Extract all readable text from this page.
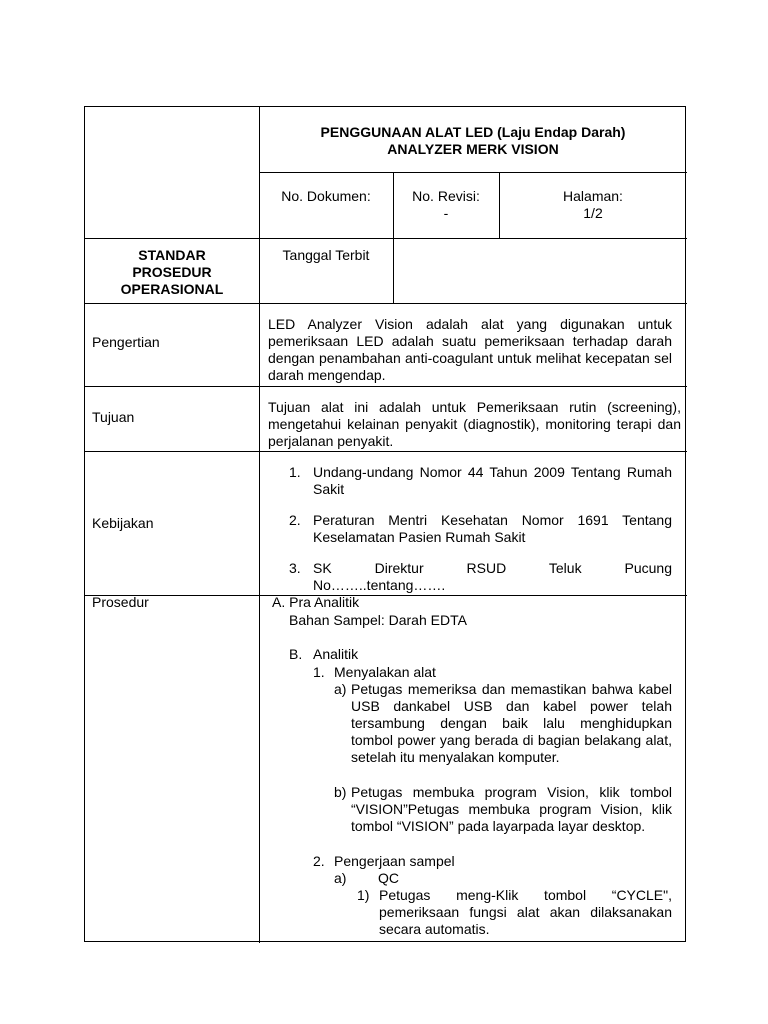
PENGGUNAAN ALAT LED (Laju Endap Darah)
ANALYZER MERK VISION
No. Dokumen:	No. Revisi:
-
Halaman:
1/2
STANDAR
PROSEDUR
OPERASIONAL
Tanggal Terbit
Pengertian
LED Analyzer Vision adalah alat yang digunakan untuk pemeriksaan LED adalah suatu pemeriksaan terhadap darah dengan penambahan anti-coagulant untuk melihat kecepatan sel darah mengendap.
Tujuan
Tujuan alat ini adalah untuk Pemeriksaan rutin (screening), mengetahui kelainan penyakit (diagnostik), monitoring terapi dan perjalanan penyakit.
Kebijakan
1. Undang-undang Nomor 44 Tahun 2009 Tentang Rumah Sakit
2. Peraturan Mentri Kesehatan Nomor 1691 Tentang Keselamatan Pasien Rumah Sakit
3. SK Direktur RSUD Teluk Pucung
No……..tentang…….
Prosedur	A. Pra Analitik
Bahan Sampel: Darah EDTA
B. Analitik
1. Menyalakan alat
a) Petugas memeriksa dan memastikan bahwa kabel USB dankabel USB dan kabel power telah tersambung dengan baik lalu menghidupkan tombol power yang berada di bagian belakang alat, setelah itu menyalakan komputer.
b) Petugas membuka program Vision, klik tombol “VISION”Petugas membuka program Vision, klik tombol “VISION” pada layarpada layar desktop.
2. Pengerjaan sampel
a) QC
1) Petugas meng-Klik tombol “CYCLE", pemeriksaan fungsi alat akan dilaksanakan secara automatis.
